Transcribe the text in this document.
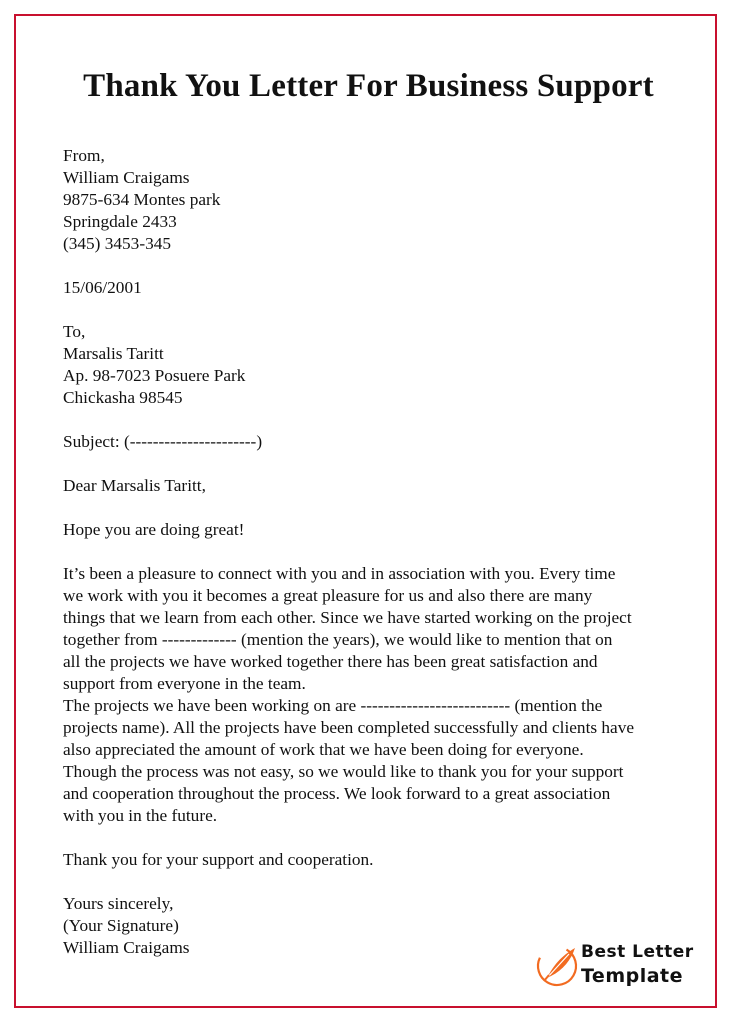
Thank You Letter For Business Support
From,
William Craigams
9875-634 Montes park
Springdale 2433
(345) 3453-345
15/06/2001
To,
Marsalis Taritt
Ap. 98-7023 Posuere Park
Chickasha 98545
Subject: (----------------------)
Dear Marsalis Taritt,
Hope you are doing great!
It’s been a pleasure to connect with you and in association with you. Every time
we work with you it becomes a great pleasure for us and also there are many
things that we learn from each other. Since we have started working on the project
together from ------------- (mention the years), we would like to mention that on
all the projects we have worked together there has been great satisfaction and
support from everyone in the team.
The projects we have been working on are -------------------------- (mention the
projects name). All the projects have been completed successfully and clients have
also appreciated the amount of work that we have been doing for everyone.
Though the process was not easy, so we would like to thank you for your support
and cooperation throughout the process. We look forward to a great association
with you in the future.
Thank you for your support and cooperation.
Yours sincerely,
(Your Signature)
William Craigams	Best Letter
Template
